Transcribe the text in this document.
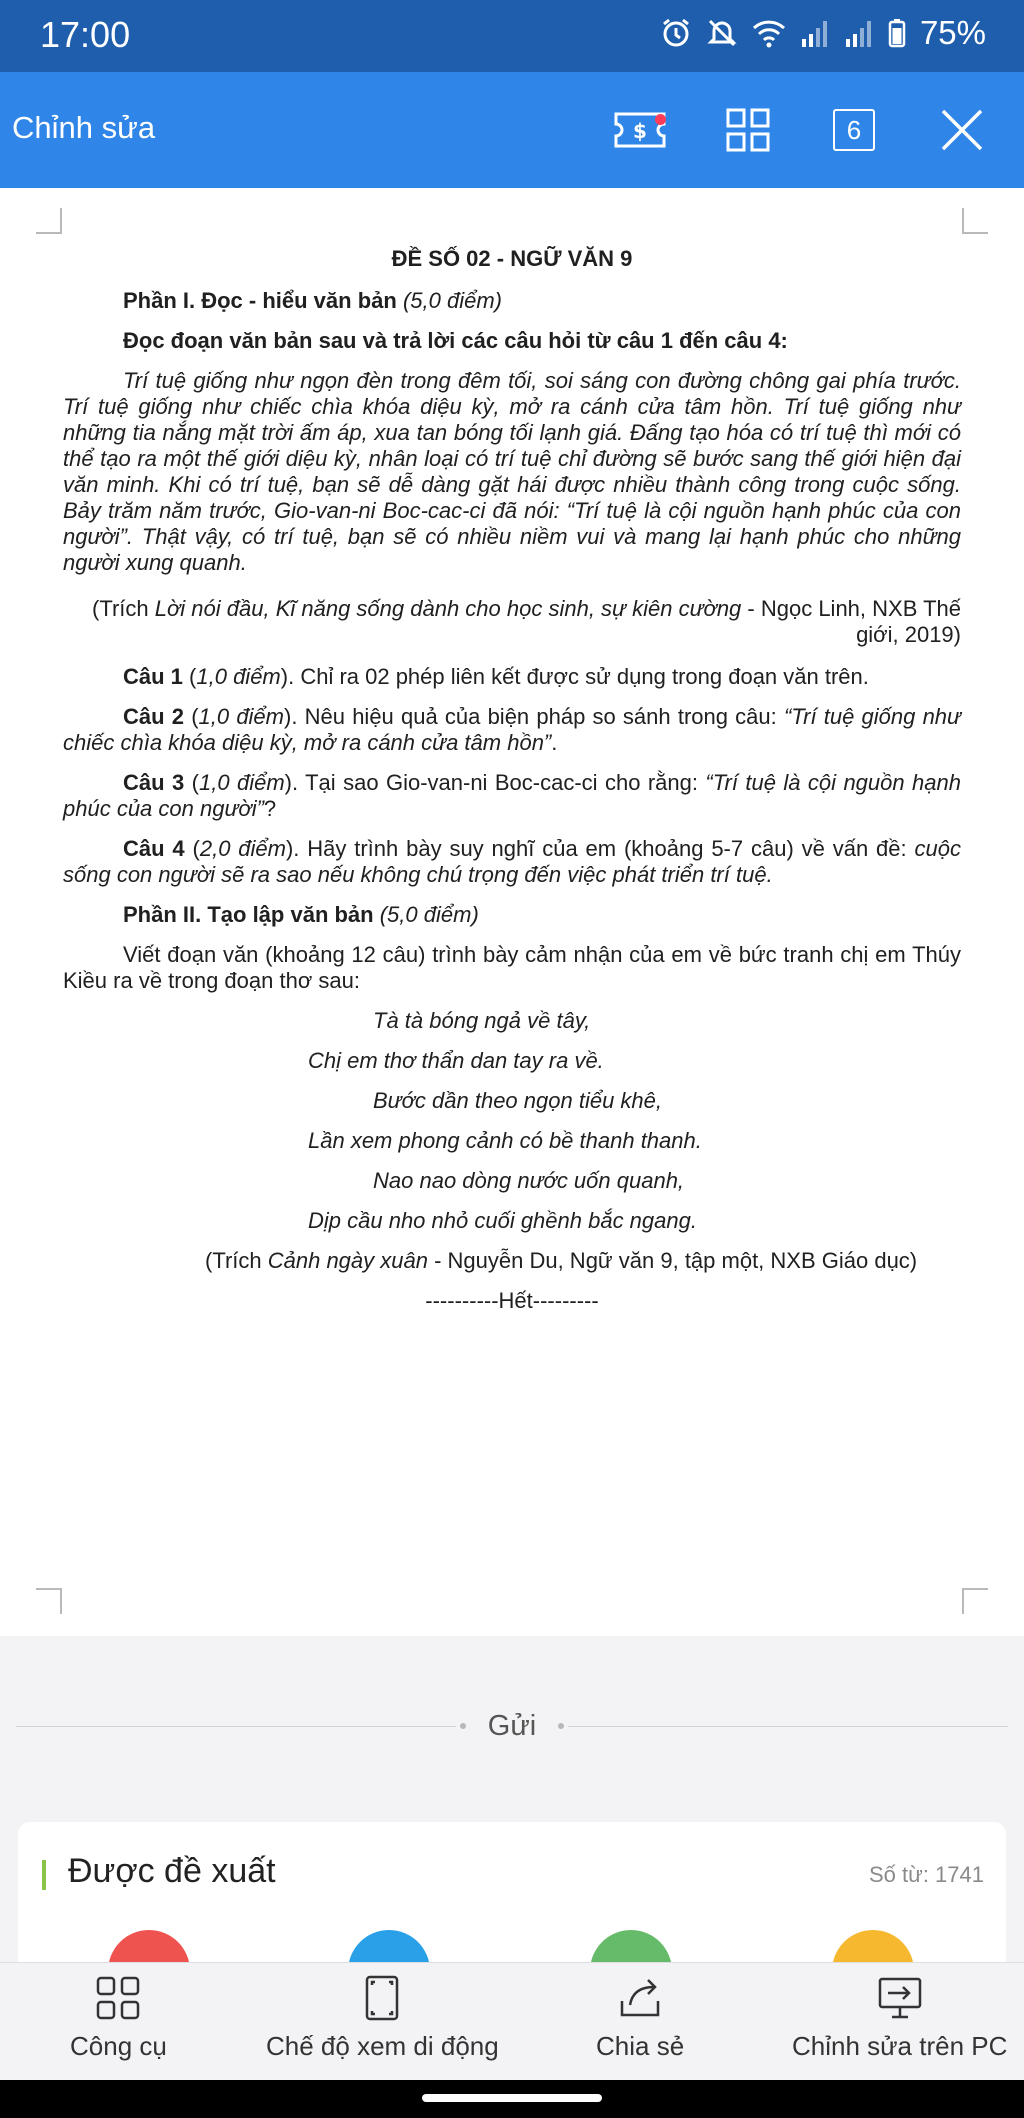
17:00	75%
Chỉnh sửa	$	6

ĐỀ SỐ 02 - NGỮ VĂN 9

Phần I. Đọc - hiểu văn bản (5,0 điểm)

Đọc đoạn văn bản sau và trả lời các câu hỏi từ câu 1 đến câu 4:

Trí tuệ giống như ngọn đèn trong đêm tối, soi sáng con đường chông gai phía trước. Trí tuệ giống như chiếc chìa khóa diệu kỳ, mở ra cánh cửa tâm hồn. Trí tuệ giống như những tia nắng mặt trời ấm áp, xua tan bóng tối lạnh giá. Đấng tạo hóa có trí tuệ thì mới có thể tạo ra một thế giới diệu kỳ, nhân loại có trí tuệ chỉ đường sẽ bước sang thế giới hiện đại văn minh. Khi có trí tuệ, bạn sẽ dễ dàng gặt hái được nhiều thành công trong cuộc sống. Bảy trăm năm trước, Gio-van-ni Boc-cac-ci đã nói: “Trí tuệ là cội nguồn hạnh phúc của con người”. Thật vậy, có trí tuệ, bạn sẽ có nhiều niềm vui và mang lại hạnh phúc cho những người xung quanh.

(Trích Lời nói đầu, Kĩ năng sống dành cho học sinh, sự kiên cường - Ngọc Linh, NXB Thế giới, 2019)

Câu 1 (1,0 điểm). Chỉ ra 02 phép liên kết được sử dụng trong đoạn văn trên.

Câu 2 (1,0 điểm). Nêu hiệu quả của biện pháp so sánh trong câu: “Trí tuệ giống như chiếc chìa khóa diệu kỳ, mở ra cánh cửa tâm hồn”.

Câu 3 (1,0 điểm). Tại sao Gio-van-ni Boc-cac-ci cho rằng: “Trí tuệ là cội nguồn hạnh phúc của con người”?

Câu 4 (2,0 điểm). Hãy trình bày suy nghĩ của em (khoảng 5-7 câu) về vấn đề: cuộc sống con người sẽ ra sao nếu không chú trọng đến việc phát triển trí tuệ.

Phần II. Tạo lập văn bản (5,0 điểm)

Viết đoạn văn (khoảng 12 câu) trình bày cảm nhận của em về bức tranh chị em Thúy Kiều ra về trong đoạn thơ sau:

Tà tà bóng ngả về tây,

Chị em thơ thẩn dan tay ra về.

Bước dần theo ngọn tiểu khê,

Lần xem phong cảnh có bề thanh thanh.

Nao nao dòng nước uốn quanh,

Dịp cầu nho nhỏ cuối ghềnh bắc ngang.

(Trích Cảnh ngày xuân - Nguyễn Du, Ngữ văn 9, tập một, NXB Giáo dục)

----------Hết---------

Gửi
Được đề xuất	Số từ: 1741
Công cụ	Chế độ xem di động	Chia sẻ	Chỉnh sửa trên PC
